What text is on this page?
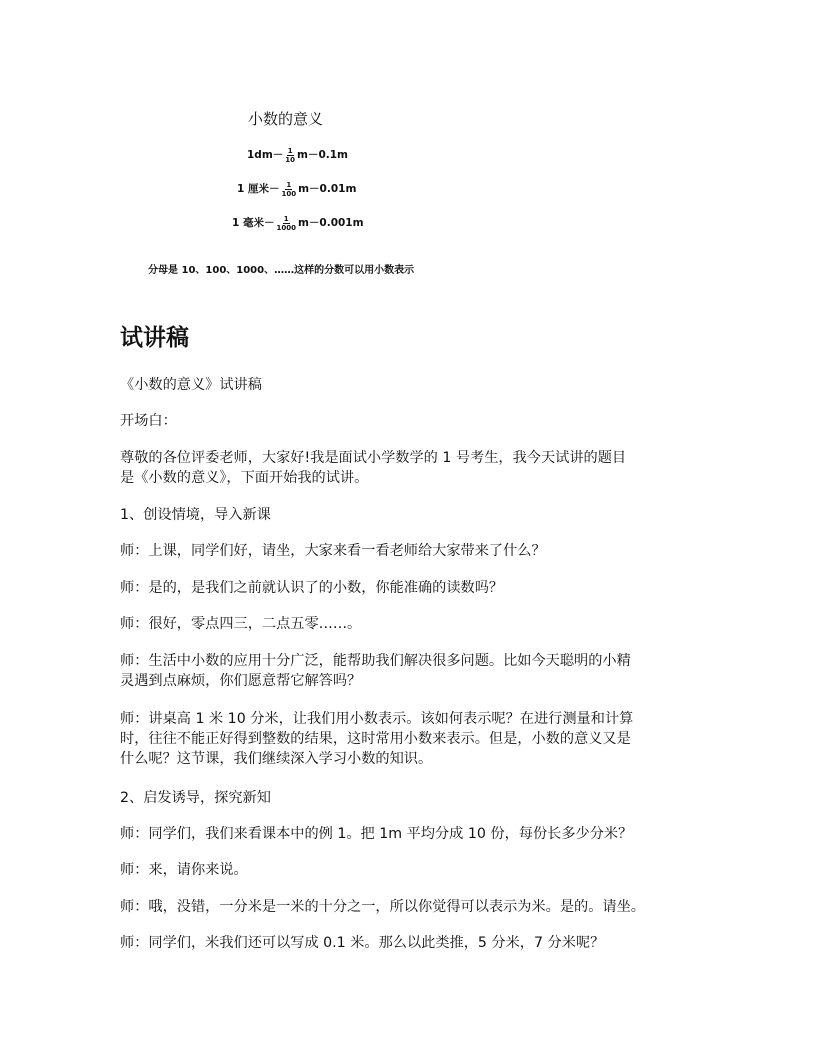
小数的意义
$1dm- \frac{1}{10} m-0.1m$
1 厘米－ $\frac{1}{100} m-0.01m$
1 毫米－ $\frac{1}{1000} m-0.001m$
分母是 10、100、1000、……这样的分数可以用小数表示
试讲稿

《小数的意义》试讲稿

开场白：

尊敬的各位评委老师，大家好!我是面试小学数学的 1 号考生，我今天试讲的题目
是《小数的意义》，下面开始我的试讲。

1、创设情境，导入新课

师：上课，同学们好，请坐，大家来看一看老师给大家带来了什么？

师：是的，是我们之前就认识了的小数，你能准确的读数吗？

师：很好，零点四三，二点五零……。

师：生活中小数的应用十分广泛，能帮助我们解决很多问题。比如今天聪明的小精
灵遇到点麻烦，你们愿意帮它解答吗？

师：讲桌高 1 米 10 分米，让我们用小数表示。该如何表示呢？在进行测量和计算
时，往往不能正好得到整数的结果，这时常用小数来表示。但是，小数的意义又是
什么呢？这节课，我们继续深入学习小数的知识。

2、启发诱导，探究新知

师：同学们，我们来看课本中的例 1。把 1m 平均分成 10 份，每份长多少分米？

师：来，请你来说。

师：哦，没错，一分米是一米的十分之一，所以你觉得可以表示为米。是的。请坐。

师：同学们，米我们还可以写成 0.1 米。那么以此类推，5 分米，7 分米呢？
